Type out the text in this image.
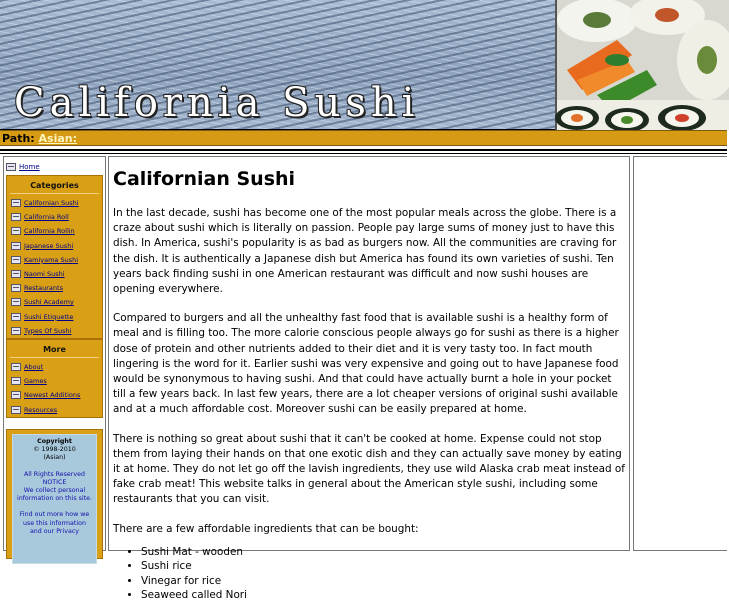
California Sushi
Path: Asian:
Home
Categories
Californian Sushi
California Roll
California Rollin
Japanese Sushi
Kamiyama Sushi
Naomi Sushi
Restaurants
Sushi Academy
Sushi Etiquette
Types Of Sushi
More
About
Games
Newest Additions
Resources
Copyright
© 1998-2010
(Asian)
All Rights Reserved
NOTICE
We collect personal
information on this site.
Find out more how we
use this information
and our Privacy
Californian Sushi

In the last decade, sushi has become one of the most popular meals across the globe. There is a craze about sushi which is literally on passion. People pay large sums of money just to have this dish. In America, sushi's popularity is as bad as burgers now. All the communities are craving for the dish. It is authentically a Japanese dish but America has found its own varieties of sushi. Ten years back finding sushi in one American restaurant was difficult and now sushi houses are opening everywhere.

Compared to burgers and all the unhealthy fast food that is available sushi is a healthy form of meal and is filling too. The more calorie conscious people always go for sushi as there is a higher dose of protein and other nutrients added to their diet and it is very tasty too. In fact mouth lingering is the word for it. Earlier sushi was very expensive and going out to have Japanese food would be synonymous to having sushi. And that could have actually burnt a hole in your pocket till a few years back. In last few years, there are a lot cheaper versions of original sushi available and at a much affordable cost. Moreover sushi can be easily prepared at home.

There is nothing so great about sushi that it can't be cooked at home. Expense could not stop them from laying their hands on that one exotic dish and they can actually save money by eating it at home. They do not let go off the lavish ingredients, they use wild Alaska crab meat instead of fake crab meat! This website talks in general about the American style sushi, including some restaurants that you can visit.

There are a few affordable ingredients that can be bought:

• Sushi Mat - wooden
• Sushi rice
• Vinegar for rice
• Seaweed called Nori
